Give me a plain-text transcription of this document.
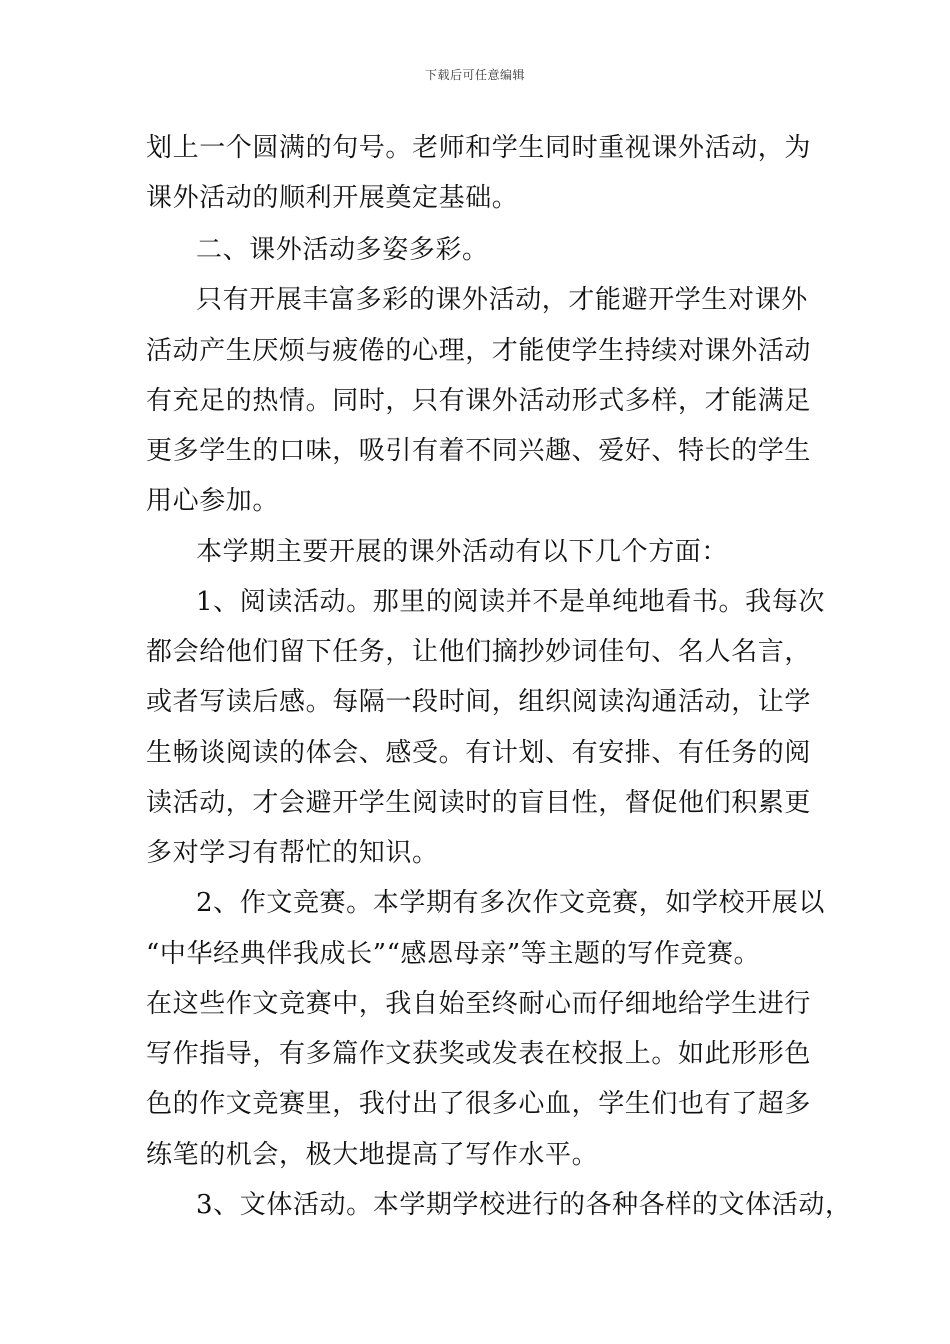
下载后可任意编辑
划上一个圆满的句号。老师和学生同时重视课外活动，为
课外活动的顺利开展奠定基础。
二、课外活动多姿多彩。
只有开展丰富多彩的课外活动，才能避开学生对课外
活动产生厌烦与疲倦的心理，才能使学生持续对课外活动
有充足的热情。同时，只有课外活动形式多样，才能满足
更多学生的口味，吸引有着不同兴趣、爱好、特长的学生
用心参加。
本学期主要开展的课外活动有以下几个方面：
1、阅读活动。那里的阅读并不是单纯地看书。我每次
都会给他们留下任务，让他们摘抄妙词佳句、名人名言，
或者写读后感。每隔一段时间，组织阅读沟通活动，让学
生畅谈阅读的体会、感受。有计划、有安排、有任务的阅
读活动，才会避开学生阅读时的盲目性，督促他们积累更
多对学习有帮忙的知识。
2、作文竞赛。本学期有多次作文竞赛，如学校开展以
“中华经典伴我成长”“感恩母亲”等主题的写作竞赛。
在这些作文竞赛中，我自始至终耐心而仔细地给学生进行
写作指导，有多篇作文获奖或发表在校报上。如此形形色
色的作文竞赛里，我付出了很多心血，学生们也有了超多
练笔的机会，极大地提高了写作水平。
3、文体活动。本学期学校进行的各种各样的文体活动，
